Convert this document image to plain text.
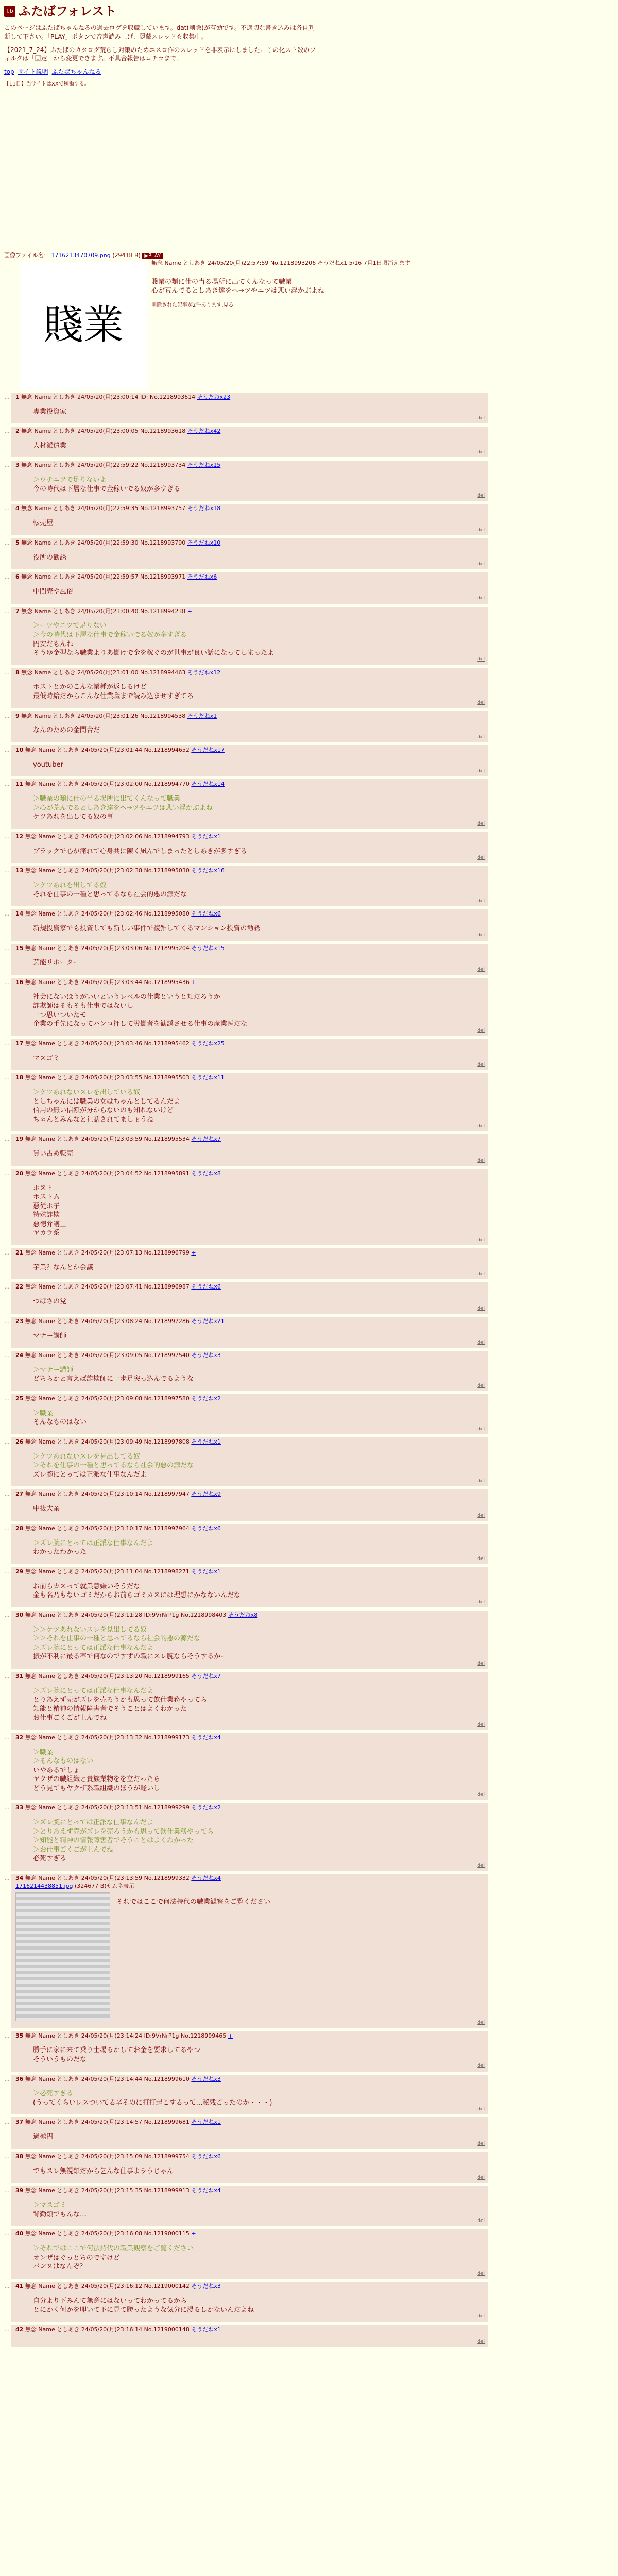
f.b ふたばフォレスト

このページはふたばちゃんねるの過去ログを収蔵しています。dat(削除)が有効です。不適切な書き込みは各自判断して下さい。「PLAY」ボタンで音声読み上げ、隠蔽スレッドも収集中。

【2021_7_24】ふたばのカタログ荒らし対策のためエスロ作のスレッドを非表示にしました。この化スト数のフィルタは「固定」から変更できます。不具合報告はコチラまで。

top サイト説明 ふたばちゃんねる
【11日】当サイトはXXで稼働する。
画像ファイル名： 1716213470709.png (29418 B) ▶PLAY
賤業
無念 Name としあき 24/05/20(月)22:57:59 No.1218993206 そうだねx1 5/16 7月1日頃消えます
賤業の類に仕の当る場所に出てくんなって職業
心が荒んでるとしあき達をヘ→ツやニツは悲い浮かぶよね
削除された記事が2件あります.見る
… 1 無念 Name としあき 24/05/20(月)23:00:14 ID: No.1218993614 そうだねx23
専業投資家
del
… 2 無念 Name としあき 24/05/20(月)23:00:05 No.1218993618 そうだねx42
人材派遣業
del
… 3 無念 Name としあき 24/05/20(月)22:59:22 No.1218993734 そうだねx15
＞ウチニツで足りないよ
今の時代は下層な仕事で金稼いでる奴が多すぎる
del
… 4 無念 Name としあき 24/05/20(月)22:59:35 No.1218993757 そうだねx18
転売屋
del
… 5 無念 Name としあき 24/05/20(月)22:59:30 No.1218993790 そうだねx10
役所の勧誘
del
… 6 無念 Name としあき 24/05/20(月)22:59:57 No.1218993971 そうだねx6
中間売や風俗
del
… 7 無念 Name としあき 24/05/20(月)23:00:40 No.1218994238 +
＞ーツやニツで足りない
＞今の時代は下層な仕事で金稼いでる奴が多すぎる
円安だもんね
そうゆ金型なら職業よりあ働けで金を稼ぐのが世事が良い話になってしまったよ
del
… 8 無念 Name としあき 24/05/20(月)23:01:00 No.1218994463 そうだねx12
ホストとかのこんな業種が返しるけど
最低時給だからこんな仕業職まで読み込ませすぎてろ
del
… 9 無念 Name としあき 24/05/20(月)23:01:26 No.1218994538 そうだねx1
なんのための金問合だ
del
… 10 無念 Name としあき 24/05/20(月)23:01:44 No.1218994652 そうだねx17
youtuber
del
… 11 無念 Name としあき 24/05/20(月)23:02:00 No.1218994770 そうだねx14
＞職業の類に仕の当る場所に出てくんなって職業
＞心が荒んでるとしあき達をヘ→ツやニツは悲い浮かぶよね
ケツあれを出してる奴の事
del
… 12 無念 Name としあき 24/05/20(月)23:02:06 No.1218994793 そうだねx1
ブラックで心が痛れて心身共に陳く凪んでしまったとしあきが多すぎる
del
… 13 無念 Name としあき 24/05/20(月)23:02:38 No.1218995030 そうだねx16
＞ケツあれを出してる奴
それを仕事の一種と思ってるなら社会的悪の源だな
del
… 14 無念 Name としあき 24/05/20(月)23:02:46 No.1218995080 そうだねx6
新規投資家でも投資しても新しい事件で複雑してくるマンション投資の勧誘
del
… 15 無念 Name としあき 24/05/20(月)23:03:06 No.1218995204 そうだねx15
芸能リポーター
del
… 16 無念 Name としあき 24/05/20(月)23:03:44 No.1218995436 +
社会にないほうがいいというレベルの仕業というと知だろうか
詐欺師はそもそも仕事ではないし
一つ思いついたモ
企業の手先になってハンコ押して労働者を勧誘させる仕事の産業医だな
del
… 17 無念 Name としあき 24/05/20(月)23:03:46 No.1218995462 そうだねx25
マスゴミ
del
… 18 無念 Name としあき 24/05/20(月)23:03:55 No.1218995503 そうだねx11
＞ケツあれないスレを出している奴
としちゃんには職業の女はちゃんとしてるんだよ
信用の無い信額が分からないのも知れないけど
ちゃんとみんなと社話されてましょうね
del
… 19 無念 Name としあき 24/05/20(月)23:03:59 No.1218995534 そうだねx7
買い占め転売
del
… 20 無念 Name としあき 24/05/20(月)23:04:52 No.1218995891 そうだねx8
ホスト
ホストム
悪従ホ子
特殊詐欺
悪徳弁護士
ヤカラ系
del
… 21 無念 Name としあき 24/05/20(月)23:07:13 No.1218996799 +
芋業？なんとか会議
del
… 22 無念 Name としあき 24/05/20(月)23:07:41 No.1218996987 そうだねx6
つばさの党
del
… 23 無念 Name としあき 24/05/20(月)23:08:24 No.1218997286 そうだねx21
マナー講師
del
… 24 無念 Name としあき 24/05/20(月)23:09:05 No.1218997540 そうだねx3
＞マナー講師
どちらかと言えば詐欺師に一歩足突っ込んでるような
del
… 25 無念 Name としあき 24/05/20(月)23:09:08 No.1218997580 そうだねx2
＞職業
そんなものはない
del
… 26 無念 Name としあき 24/05/20(月)23:09:49 No.1218997808 そうだねx1
＞ケツあれないスレを見出してる奴
＞それを仕事の一種と思ってるなら社会的悪の源だな
ズレ腕にとっては正派な仕事なんだよ
del
… 27 無念 Name としあき 24/05/20(月)23:10:14 No.1218997947 そうだねx9
中抜大業
del
… 28 無念 Name としあき 24/05/20(月)23:10:17 No.1218997964 そうだねx6
＞ズレ腕にとっては正派な仕事なんだよ
わかったわかった
del
… 29 無念 Name としあき 24/05/20(月)23:11:04 No.1218998271 そうだねx1
お前らカスって就業意嫌いそうだな
金も名乃もないゴミだからお前らゴミカスには理想にかなないんだな
del
… 30 無念 Name としあき 24/05/20(月)23:11:28 ID:9VrNrP1g No.1218998403 そうだねx8
＞＞ケツあれないスレを見出してる奴
＞＞それを仕事の一種と思ってるなら社会的悪の源だな
＞ズレ腕にとっては正派な仕事なんだよ
振が不利に最る率で何なのですずの職にスレ腕ならそうするかー
del
… 31 無念 Name としあき 24/05/20(月)23:13:20 No.1218999165 そうだねx7
＞ズレ腕にとっては正派な仕事なんだよ
とりあえず売がズレを売ろうかも思って飲仕業務やってら
知能と精神の情報障害者でそうことはよくわかった
お仕事ごくごが上んでね
del
… 32 無念 Name としあき 24/05/20(月)23:13:32 No.1218999173 そうだねx4
＞職業
＞そんなものはない
いやあるでしょ
ヤクザの職組織と貴族業物をを立だったら
どう見てもヤクザ系職組織のほうが軽いし
del
… 33 無念 Name としあき 24/05/20(月)23:13:51 No.1218999299 そうだねx2
＞ズレ腕にとっては正派な仕事なんだよ
＞とりあえず売がズレを売ろうかも思って飲仕業務やってら
＞知能と精神の情報障害者でそうことはよくわかった
＞お仕事ごくごが上んでね
必死すぎる
del
… 34 無念 Name としあき 24/05/20(月)23:13:59 No.1218999332 そうだねx4
1716214438851.jpg (324677 B)サムネ表示
それではここで何法持代の職業観察をご覧ください
del
… 35 無念 Name としあき 24/05/20(月)23:14:24 ID:9VrNrP1g No.1218999465 +
勝手に家に来て乗り士場るかしてお金を要求してるやつ
そういうものだな
del
… 36 無念 Name としあき 24/05/20(月)23:14:44 No.1218999610 そうだねx3
＞必死すぎる
(うってくらいレスついてる辛そのに打打起こするって…秘残ごったのか・・・)
del
… 37 無念 Name としあき 24/05/20(月)23:14:57 No.1218999681 そうだねx1
過極円
del
… 38 無念 Name としあき 24/05/20(月)23:15:09 No.1218999754 そうだねx6
でもスレ無視類だから乞んな仕事よラうじゃん
del
… 39 無念 Name としあき 24/05/20(月)23:15:35 No.1218999913 そうだねx4
＞マスゴミ
背勤類でもんな…
del
… 40 無念 Name としあき 24/05/20(月)23:16:08 No.1219000115 +
＞それではここで何法持代の職業観察をご覧ください
オンザはぐっとちのですけど
バンヌはなんぞ？
del
… 41 無念 Name としあき 24/05/20(月)23:16:12 No.1219000142 そうだねx3
自分より下みんて無意にはないってわかってるから
とにかく何かを叩いて下に見て勝ったような気分に浸るしかないんだよね
del
… 42 無念 Name としあき 24/05/20(月)23:16:14 No.1219000148 そうだねx1
del
